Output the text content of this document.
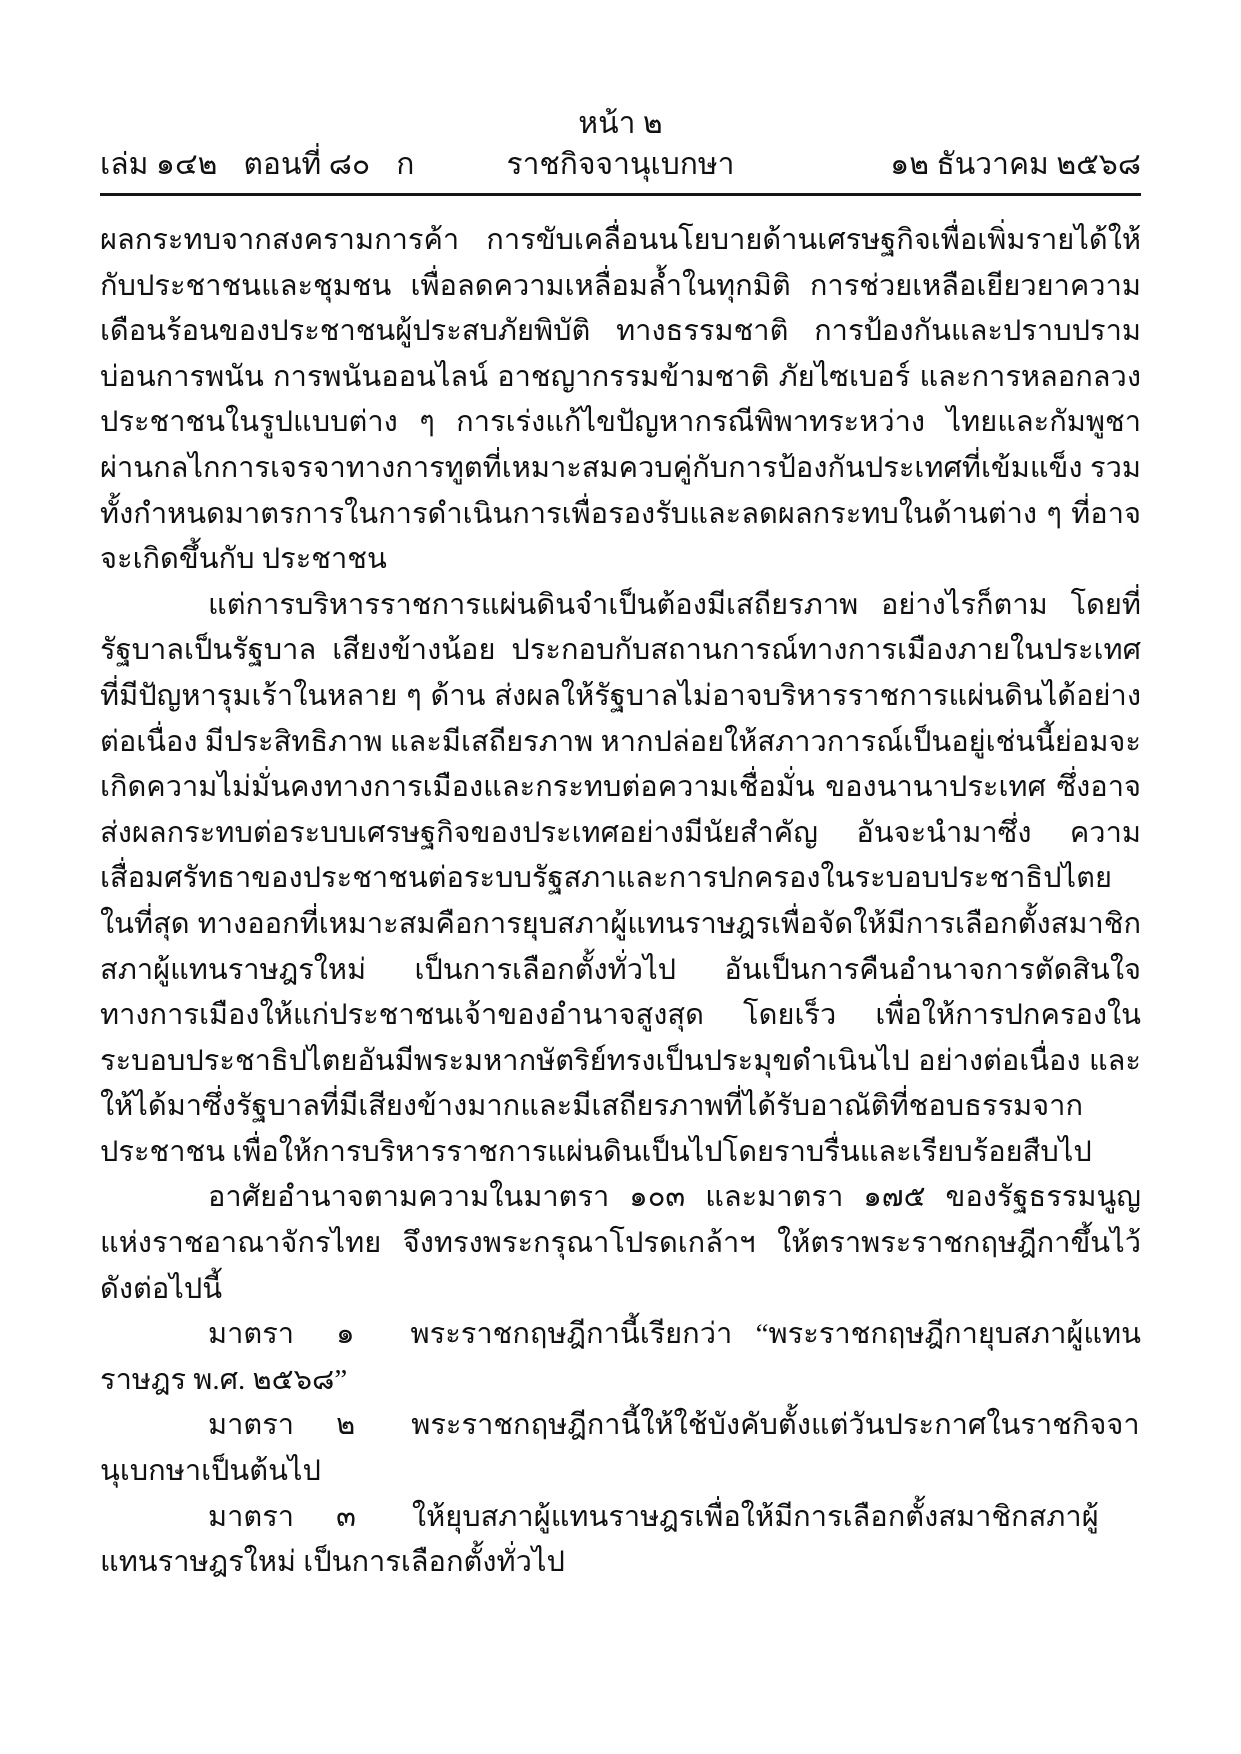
หน้า ๒
เล่ม ๑๔๒ ตอนที่ ๘๐ ก	ราชกิจจานุเบกษา	๑๒ ธันวาคม ๒๕๖๘

ผลกระทบจากสงครามการค้า การขับเคลื่อนนโยบายด้านเศรษฐกิจเพื่อเพิ่มรายได้ให้กับประชาชนและชุมชน เพื่อลดความเหลื่อมล้ำในทุกมิติ การช่วยเหลือเยียวยาความเดือนร้อนของประชาชนผู้ประสบภัยพิบัติ ทางธรรมชาติ การป้องกันและปราบปรามบ่อนการพนัน การพนันออนไลน์ อาชญากรรมข้ามชาติ ภัยไซเบอร์ และการหลอกลวงประชาชนในรูปแบบต่าง ๆ การเร่งแก้ไขปัญหากรณีพิพาทระหว่าง ไทยและกัมพูชาผ่านกลไกการเจรจาทางการทูตที่เหมาะสมควบคู่กับการป้องกันประเทศที่เข้มแข็ง รวมทั้งกำหนดมาตรการในการดำเนินการเพื่อรองรับและลดผลกระทบในด้านต่าง ๆ ที่อาจจะเกิดขึ้นกับ ประชาชน

แต่การบริหารราชการแผ่นดินจำเป็นต้องมีเสถียรภาพ อย่างไรก็ตาม โดยที่รัฐบาลเป็นรัฐบาล เสียงข้างน้อย ประกอบกับสถานการณ์ทางการเมืองภายในประเทศที่มีปัญหารุมเร้าในหลาย ๆ ด้าน ส่งผลให้รัฐบาลไม่อาจบริหารราชการแผ่นดินได้อย่างต่อเนื่อง มีประสิทธิภาพ และมีเสถียรภาพ หากปล่อยให้สภาวการณ์เป็นอยู่เช่นนี้ย่อมจะเกิดความไม่มั่นคงทางการเมืองและกระทบต่อความเชื่อมั่น ของนานาประเทศ ซึ่งอาจส่งผลกระทบต่อระบบเศรษฐกิจของประเทศอย่างมีนัยสำคัญ อันจะนำมาซึ่ง ความเสื่อมศรัทธาของประชาชนต่อระบบรัฐสภาและการปกครองในระบอบประชาธิปไตยในที่สุด ทางออกที่เหมาะสมคือการยุบสภาผู้แทนราษฎรเพื่อจัดให้มีการเลือกตั้งสมาชิกสภาผู้แทนราษฎรใหม่ เป็นการเลือกตั้งทั่วไป อันเป็นการคืนอำนาจการตัดสินใจทางการเมืองให้แก่ประชาชนเจ้าของอำนาจสูงสุด โดยเร็ว เพื่อให้การปกครองในระบอบประชาธิปไตยอันมีพระมหากษัตริย์ทรงเป็นประมุขดำเนินไป อย่างต่อเนื่อง และให้ได้มาซึ่งรัฐบาลที่มีเสียงข้างมากและมีเสถียรภาพที่ได้รับอาณัติที่ชอบธรรมจากประชาชน เพื่อให้การบริหารราชการแผ่นดินเป็นไปโดยราบรื่นและเรียบร้อยสืบไป

อาศัยอำนาจตามความในมาตรา ๑๐๓ และมาตรา ๑๗๕ ของรัฐธรรมนูญแห่งราชอาณาจักรไทย จึงทรงพระกรุณาโปรดเกล้าฯ ให้ตราพระราชกฤษฎีกาขึ้นไว้ ดังต่อไปนี้

มาตรา ๑ พระราชกฤษฎีกานี้เรียกว่า “พระราชกฤษฎีกายุบสภาผู้แทนราษฎร พ.ศ. ๒๕๖๘”

มาตรา ๒ พระราชกฤษฎีกานี้ให้ใช้บังคับตั้งแต่วันประกาศในราชกิจจานุเบกษาเป็นต้นไป

มาตรา ๓ ให้ยุบสภาผู้แทนราษฎรเพื่อให้มีการเลือกตั้งสมาชิกสภาผู้แทนราษฎรใหม่ เป็นการเลือกตั้งทั่วไป
